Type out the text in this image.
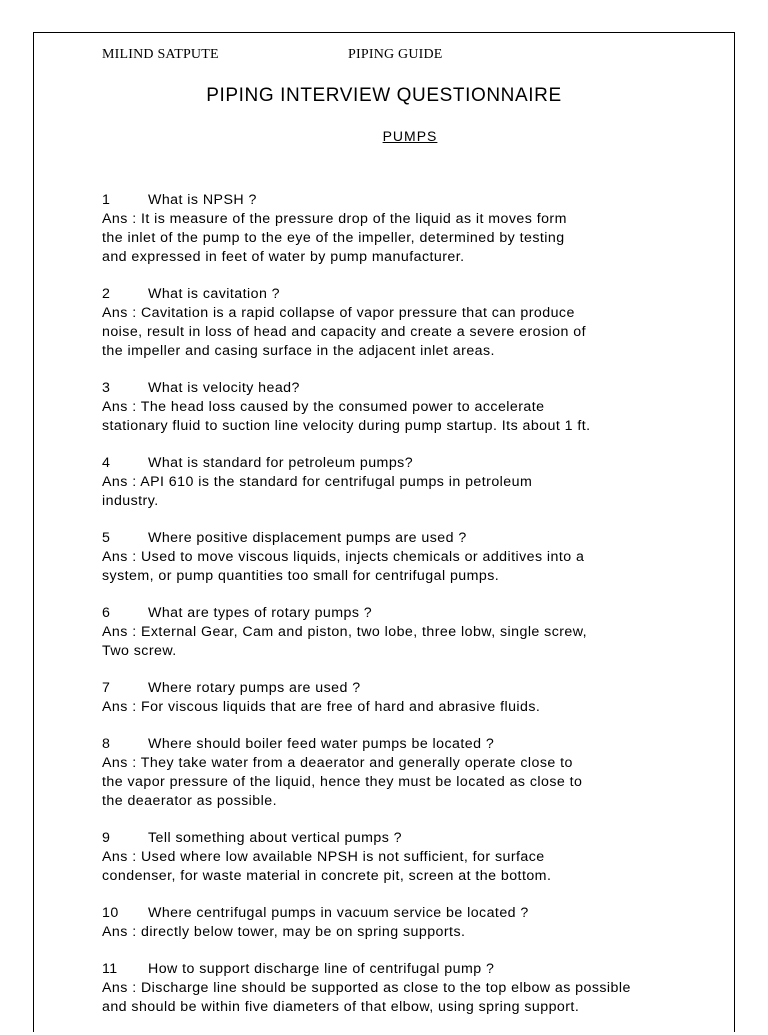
MILIND SATPUTE	PIPING GUIDE
PIPING INTERVIEW QUESTIONNAIRE
PUMPS
1	What is NPSH ?
Ans : It is measure of the pressure drop of the liquid as it moves form
the inlet of the pump to the eye of the impeller, determined by testing
and expressed in feet of water by pump manufacturer.
2	What is cavitation ?
Ans : Cavitation is a rapid collapse of vapor pressure that can produce
noise, result in loss of head and capacity and create a severe erosion of
the impeller and casing surface in the adjacent inlet areas.
3	What is velocity head?
Ans : The head loss caused by the consumed power to accelerate
stationary fluid to suction line velocity during pump startup. Its about 1 ft.
4	What is standard for petroleum pumps?
Ans : API 610 is the standard for centrifugal pumps in petroleum
industry.
5	Where positive displacement pumps are used ?
Ans : Used to move viscous liquids, injects chemicals or additives into a
system, or pump quantities too small for centrifugal pumps.
6	What are types of rotary pumps ?
Ans : External Gear, Cam and piston, two lobe, three lobw, single screw,
Two screw.
7	Where rotary pumps are used ?
Ans : For viscous liquids that are free of hard and abrasive fluids.
8	Where should boiler feed water pumps be located ?
Ans : They take water from a deaerator and generally operate close to
the vapor pressure of the liquid, hence they must be located as close to
the deaerator as possible.
9	Tell something about vertical pumps ?
Ans : Used where low available NPSH is not sufficient, for surface
condenser, for waste material in concrete pit, screen at the bottom.
10 Where centrifugal pumps in vacuum service be located ?
Ans : directly below tower, may be on spring supports.
11 How to support discharge line of centrifugal pump ?
Ans : Discharge line should be supported as close to the top elbow as possible
and should be within five diameters of that elbow, using spring support.
